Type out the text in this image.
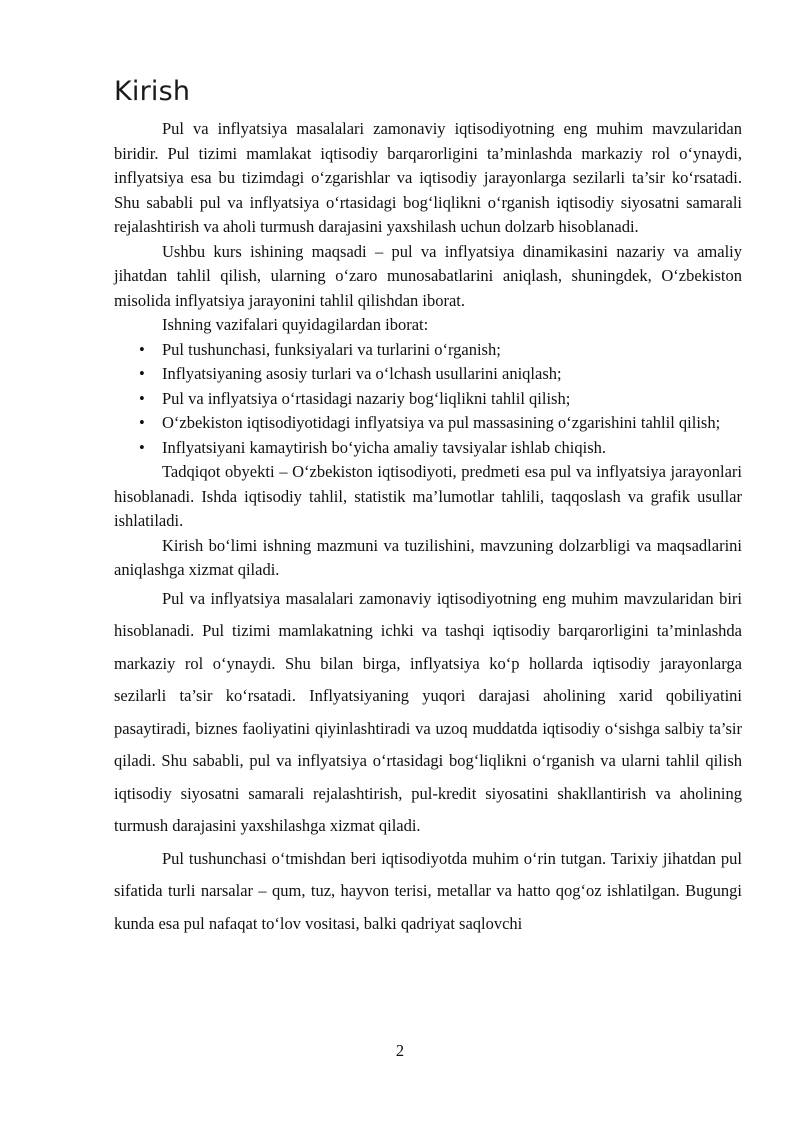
Kirish

Pul va inflyatsiya masalalari zamonaviy iqtisodiyotning eng muhim mavzularidan biridir. Pul tizimi mamlakat iqtisodiy barqarorligini ta’minlashda markaziy rol o‘ynaydi, inflyatsiya esa bu tizimdagi o‘zgarishlar va iqtisodiy jarayonlarga sezilarli ta’sir ko‘rsatadi. Shu sababli pul va inflyatsiya o‘rtasidagi bog‘liqlikni o‘rganish iqtisodiy siyosatni samarali rejalashtirish va aholi turmush darajasini yaxshilash uchun dolzarb hisoblanadi.

Ushbu kurs ishining maqsadi – pul va inflyatsiya dinamikasini nazariy va amaliy jihatdan tahlil qilish, ularning o‘zaro munosabatlarini aniqlash, shuningdek, O‘zbekiston misolida inflyatsiya jarayonini tahlil qilishdan iborat.

Ishning vazifalari quyidagilardan iborat:

• Pul tushunchasi, funksiyalari va turlarini o‘rganish;
• Inflyatsiyaning asosiy turlari va o‘lchash usullarini aniqlash;
• Pul va inflyatsiya o‘rtasidagi nazariy bog‘liqlikni tahlil qilish;
• O‘zbekiston iqtisodiyotidagi inflyatsiya va pul massasining o‘zgarishini tahlil qilish;
• Inflyatsiyani kamaytirish bo‘yicha amaliy tavsiyalar ishlab chiqish.

Tadqiqot obyekti – O‘zbekiston iqtisodiyoti, predmeti esa pul va inflyatsiya jarayonlari hisoblanadi. Ishda iqtisodiy tahlil, statistik ma’lumotlar tahlili, taqqoslash va grafik usullar ishlatiladi.

Kirish bo‘limi ishning mazmuni va tuzilishini, mavzuning dolzarbligi va maqsadlarini aniqlashga xizmat qiladi.

Pul va inflyatsiya masalalari zamonaviy iqtisodiyotning eng muhim mavzularidan biri hisoblanadi. Pul tizimi mamlakatning ichki va tashqi iqtisodiy barqarorligini ta’minlashda markaziy rol o‘ynaydi. Shu bilan birga, inflyatsiya ko‘p hollarda iqtisodiy jarayonlarga sezilarli ta’sir ko‘rsatadi. Inflyatsiyaning yuqori darajasi aholining xarid qobiliyatini pasaytiradi, biznes faoliyatini qiyinlashtiradi va uzoq muddatda iqtisodiy o‘sishga salbiy ta’sir qiladi. Shu sababli, pul va inflyatsiya o‘rtasidagi bog‘liqlikni o‘rganish va ularni tahlil qilish iqtisodiy siyosatni samarali rejalashtirish, pul-kredit siyosatini shakllantirish va aholining turmush darajasini yaxshilashga xizmat qiladi.

Pul tushunchasi o‘tmishdan beri iqtisodiyotda muhim o‘rin tutgan. Tarixiy jihatdan pul sifatida turli narsalar – qum, tuz, hayvon terisi, metallar va hatto qog‘oz ishlatilgan. Bugungi kunda esa pul nafaqat to‘lov vositasi, balki qadriyat saqlovchi

2
